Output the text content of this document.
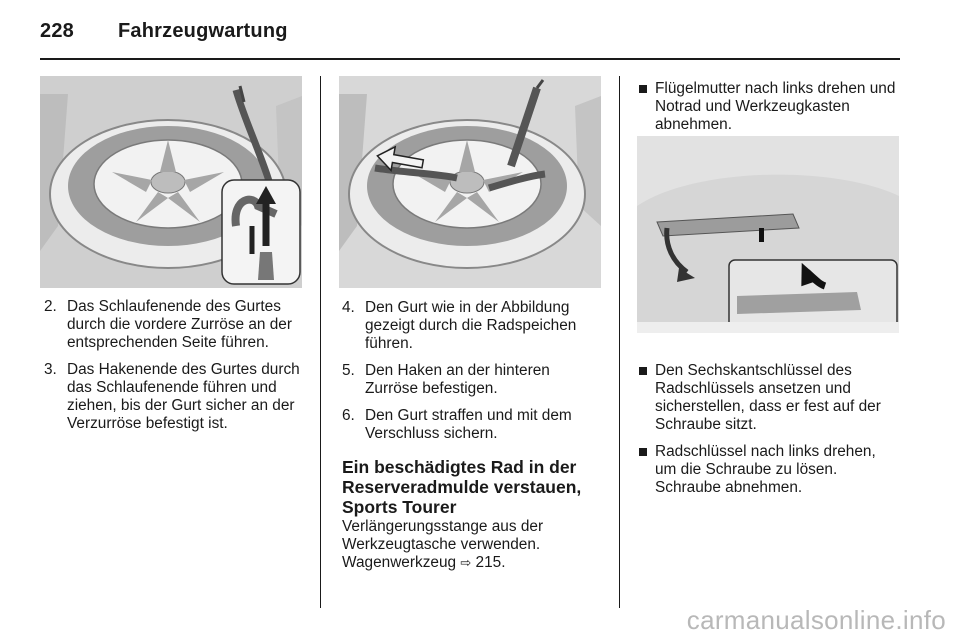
228 Fahrzeugwartung
2. Das Schlaufenende des Gurtes durch die vordere Zurröse an der entsprechenden Seite führen.
3. Das Hakenende des Gurtes durch das Schlaufenende führen und ziehen, bis der Gurt sicher an der Verzurröse befestigt ist.
4. Den Gurt wie in der Abbildung gezeigt durch die Radspeichen führen.
5. Den Haken an der hinteren Zurröse befestigen.
6. Den Gurt straffen und mit dem Verschluss sichern.
Ein beschädigtes Rad in der Reserveradmulde verstauen, Sports Tourer
Verlängerungsstange aus der Werkzeugtasche verwenden. Wagenwerkzeug ⇨ 215.
Flügelmutter nach links drehen und Notrad und Werkzeugkasten abnehmen.
Den Sechskantschlüssel des Radschlüssels ansetzen und sicherstellen, dass er fest auf der Schraube sitzt.
Radschlüssel nach links drehen, um die Schraube zu lösen. Schraube abnehmen.
carmanualsonline.info
